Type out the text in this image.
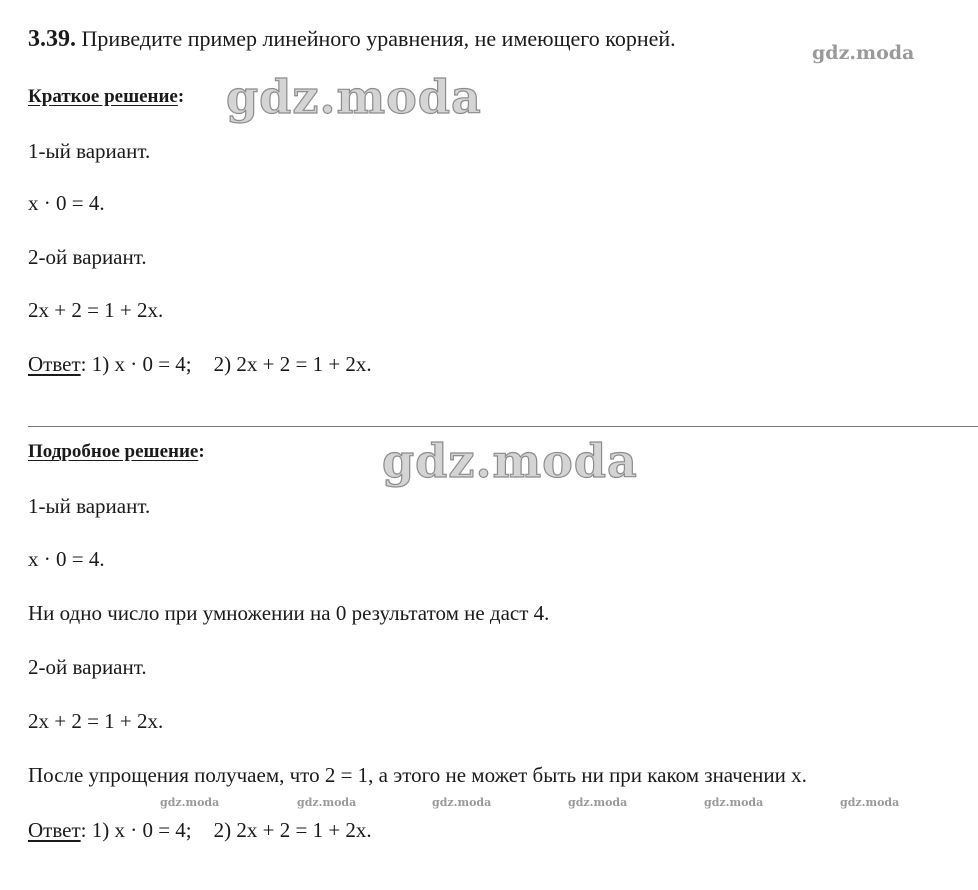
3.39. Приведите пример линейного уравнения, не имеющего корней.
Краткое решение:
1-ый вариант.
x · 0 = 4.
2-ой вариант.
2x + 2 = 1 + 2x.
Ответ: 1) x · 0 = 4; 2) 2x + 2 = 1 + 2x.
Подробное решение:
1-ый вариант.
x · 0 = 4.
Ни одно число при умножении на 0 результатом не даст 4.
2-ой вариант.
2x + 2 = 1 + 2x.
После упрощения получаем, что 2 = 1, а этого не может быть ни при каком значении x.
Ответ: 1) x · 0 = 4; 2) 2x + 2 = 1 + 2x.
gdz.moda
gdz.moda
gdz.moda
gdz.moda	gdz.moda	gdz.moda	gdz.moda	gdz.moda	gdz.moda
